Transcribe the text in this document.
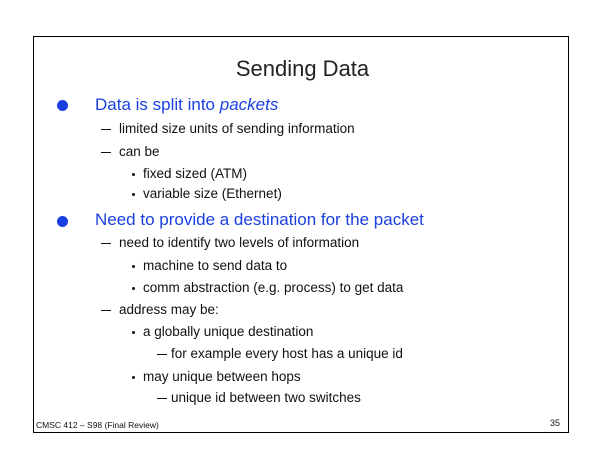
Sending Data
Data is split into packets
limited size units of sending information
can be
fixed sized (ATM)
variable size (Ethernet)
Need to provide a destination for the packet
need to identify two levels of information
machine to send data to
comm abstraction (e.g. process) to get data
address may be:
a globally unique destination
for example every host has a unique id
may unique between hops
unique id between two switches
CMSC 412 – S98 (Final Review)	35
